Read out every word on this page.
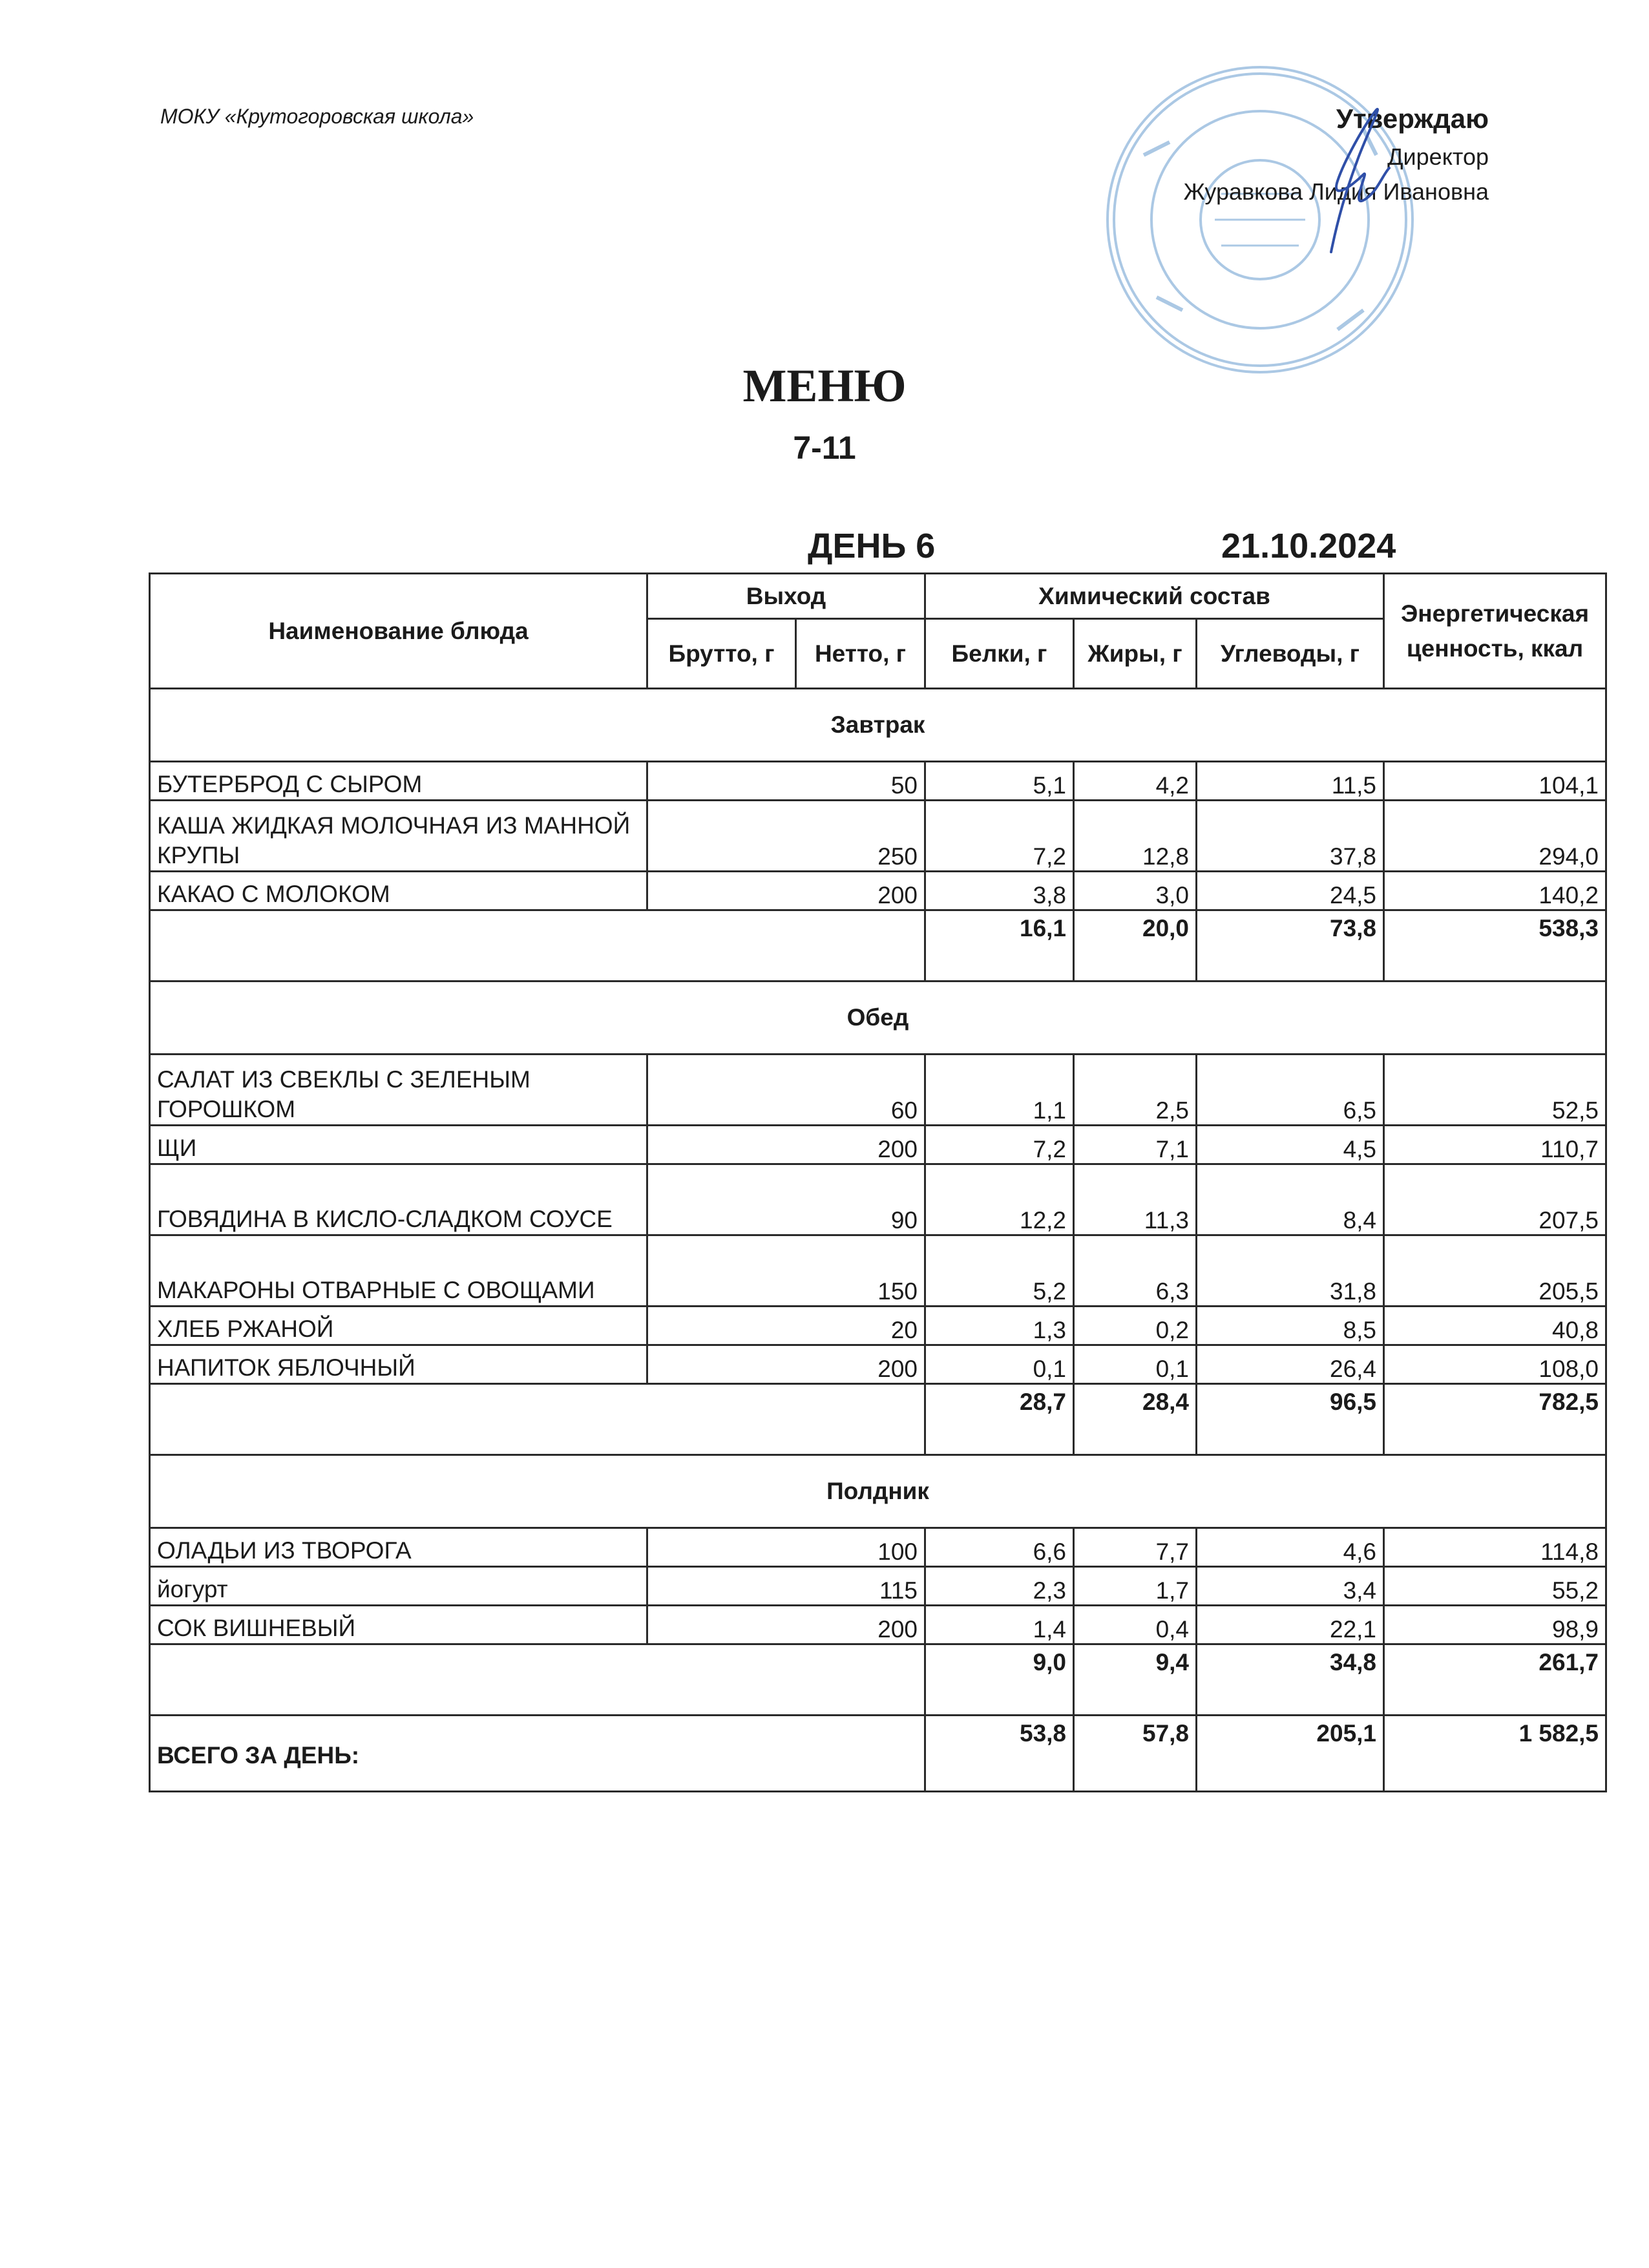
МОКУ «Крутогоровская школа»	Утверждаю
Директор
Журавкова Лидия Ивановна
МЕНЮ
7-11
ДЕНЬ 6	21.10.2024
Наименование блюда	Выход		Химический состав			Энергетическая ценность, ккал
	Брутто, г	Нетто, г	Белки, г	Жиры, г	Углеводы, г	
Завтрак						
БУТЕРБРОД С СЫРОМ	50		5,1	4,2	11,5	104,1
КАША ЖИДКАЯ МОЛОЧНАЯ ИЗ МАННОЙ КРУПЫ	250		7,2	12,8	37,8	294,0
КАКАО С МОЛОКОМ	200		3,8	3,0	24,5	140,2
			16,1	20,0	73,8	538,3
Обед						
САЛАТ ИЗ СВЕКЛЫ С ЗЕЛЕНЫМ ГОРОШКОМ	60		1,1	2,5	6,5	52,5
ЩИ	200		7,2	7,1	4,5	110,7
ГОВЯДИНА В КИСЛО-СЛАДКОМ СОУСЕ	90		12,2	11,3	8,4	207,5
МАКАРОНЫ ОТВАРНЫЕ С ОВОЩАМИ	150		5,2	6,3	31,8	205,5
ХЛЕБ РЖАНОЙ	20		1,3	0,2	8,5	40,8
НАПИТОК ЯБЛОЧНЫЙ	200		0,1	0,1	26,4	108,0
			28,7	28,4	96,5	782,5
Полдник						
ОЛАДЬИ ИЗ ТВОРОГА	100		6,6	7,7	4,6	114,8
йогурт	115		2,3	1,7	3,4	55,2
СОК ВИШНЕВЫЙ	200		1,4	0,4	22,1	98,9
			9,0	9,4	34,8	261,7
ВСЕГО ЗА ДЕНЬ:			53,8	57,8	205,1	1 582,5
